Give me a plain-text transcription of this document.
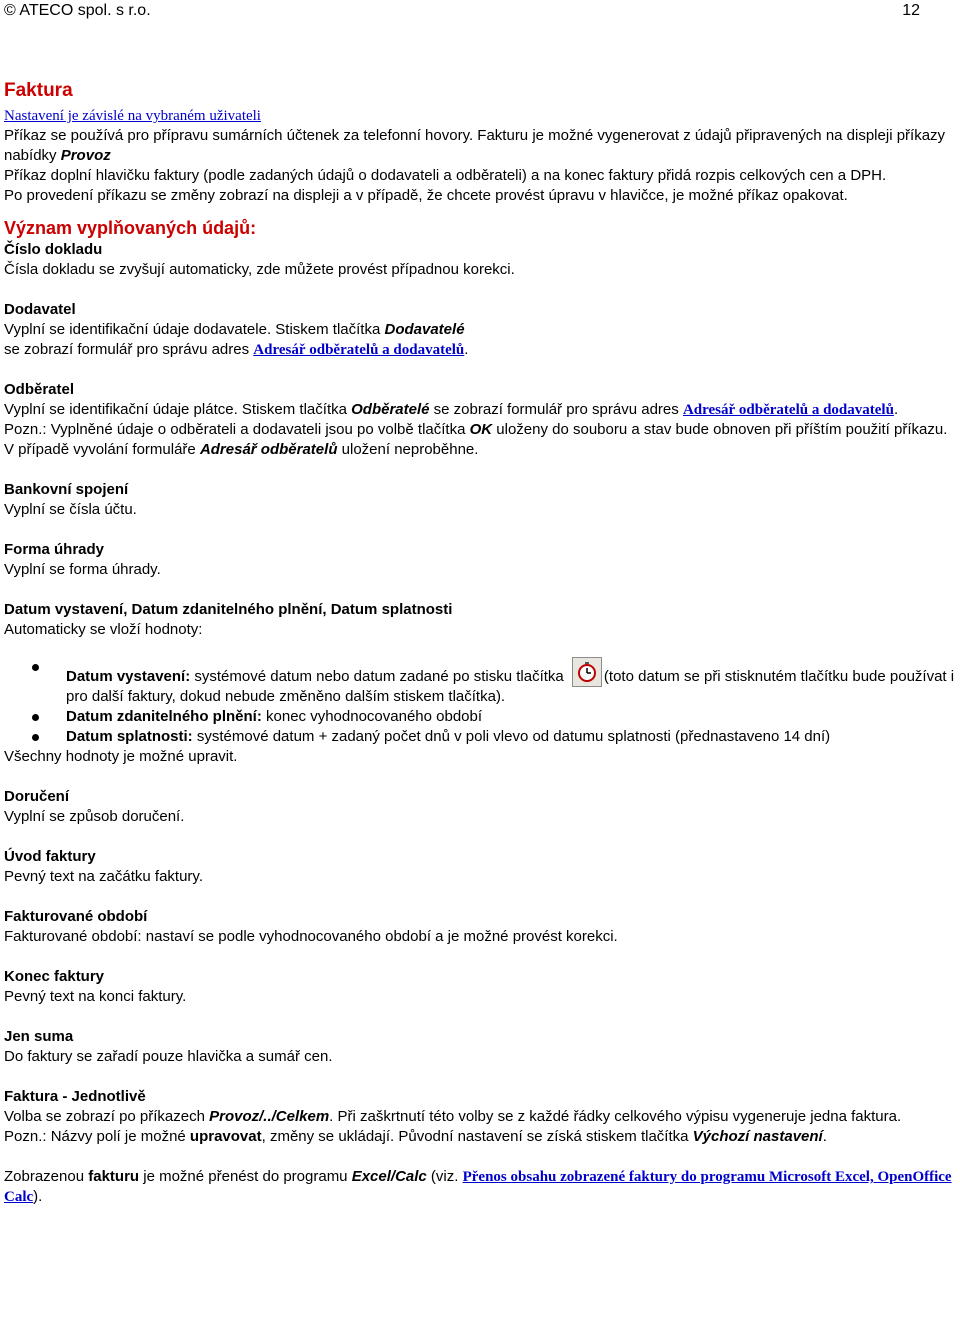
© ATECO spol. s r.o.	12
Faktura

Nastavení je závislé na vybraném uživateli

Příkaz se používá pro přípravu sumárních účtenek za telefonní hovory. Fakturu je možné vygenerovat z údajů připravených na displeji příkazy nabídky Provoz

Příkaz doplní hlavičku faktury (podle zadaných údajů o dodavateli a odběrateli) a na konec faktury přidá rozpis celkových cen a DPH.

Po provedení příkazu se změny zobrazí na displeji a v případě, že chcete provést úpravu v hlavičce, je možné příkaz opakovat.

Význam vyplňovaných údajů:

Číslo dokladu

Čísla dokladu se zvyšují automaticky, zde můžete provést případnou korekci.

Dodavatel

Vyplní se identifikační údaje dodavatele. Stiskem tlačítka Dodavatelé

se zobrazí formulář pro správu adres Adresář odběratelů a dodavatelů.

Odběratel

Vyplní se identifikační údaje plátce. Stiskem tlačítka Odběratelé se zobrazí formulář pro správu adres Adresář odběratelů a dodavatelů.

Pozn.: Vyplněné údaje o odběrateli a dodavateli jsou po volbě tlačítka OK uloženy do souboru a stav bude obnoven při příštím použití příkazu. V případě vyvolání formuláře Adresář odběratelů uložení neproběhne.

Bankovní spojení

Vyplní se čísla účtu.

Forma úhrady

Vyplní se forma úhrady.

Datum vystavení, Datum zdanitelného plnění, Datum splatnosti

Automaticky se vloží hodnoty:

Datum vystavení: systémové datum nebo datum zadané po stisku tlačítka
(toto datum se při stisknutém tlačítku bude používat i pro další faktury, dokud nebude změněno dalším stiskem tlačítka).
Datum zdanitelného plnění: konec vyhodnocovaného období
Datum splatnosti: systémové datum + zadaný počet dnů v poli vlevo od datumu splatnosti (přednastaveno 14 dní)

Všechny hodnoty je možné upravit.

Doručení

Vyplní se způsob doručení.

Úvod faktury

Pevný text na začátku faktury.

Fakturované období

Fakturované období: nastaví se podle vyhodnocovaného období a je možné provést korekci.

Konec faktury

Pevný text na konci faktury.

Jen suma

Do faktury se zařadí pouze hlavička a sumář cen.

Faktura - Jednotlivě

Volba se zobrazí po příkazech Provoz/../Celkem. Při zaškrtnutí této volby se z každé řádky celkového výpisu vygeneruje jedna faktura.

Pozn.: Názvy polí je možné upravovat, změny se ukládají. Původní nastavení se získá stiskem tlačítka Výchozí nastavení.

Zobrazenou fakturu je možné přenést do programu Excel/Calc (viz. Přenos obsahu zobrazené faktury do programu Microsoft Excel, OpenOffice Calc).
